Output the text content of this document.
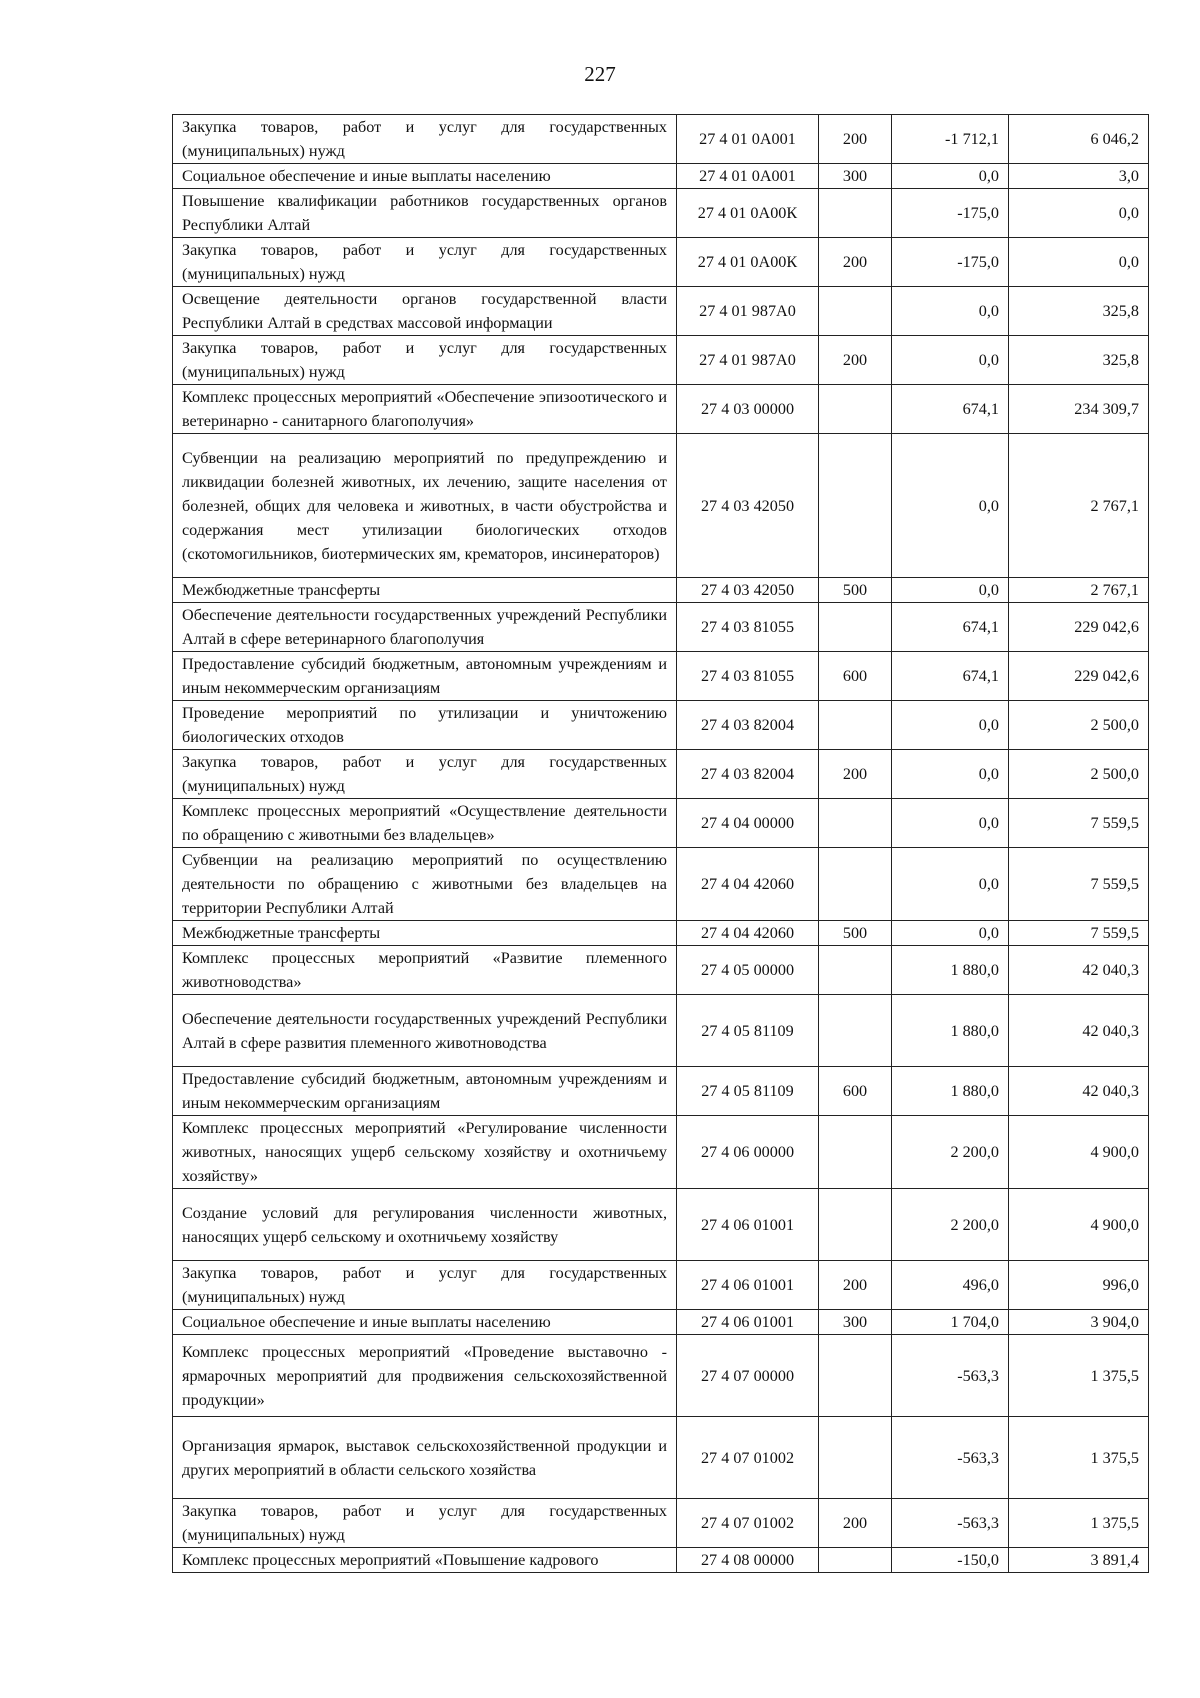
227
Закупка товаров, работ и услуг для государственных (муниципальных) нужд	27 4 01 0А001	200	-1 712,1	6 046,2
Социальное обеспечение и иные выплаты населению	27 4 01 0А001	300	0,0	3,0
Повышение квалификации работников государственных органов Республики Алтай	27 4 01 0А00К		-175,0	0,0
Закупка товаров, работ и услуг для государственных (муниципальных) нужд	27 4 01 0А00К	200	-175,0	0,0
Освещение деятельности органов государственной власти Республики Алтай в средствах массовой информации	27 4 01 987А0		0,0	325,8
Закупка товаров, работ и услуг для государственных (муниципальных) нужд	27 4 01 987А0	200	0,0	325,8
Комплекс процессных мероприятий «Обеспечение эпизоотического и ветеринарно - санитарного благополучия»	27 4 03 00000		674,1	234 309,7
Субвенции на реализацию мероприятий по предупреждению и ликвидации болезней животных, их лечению, защите населения от болезней, общих для человека и животных, в части обустройства и содержания мест утилизации биологических отходов (скотомогильников, биотермических ям, крематоров, инсинераторов)	27 4 03 42050		0,0	2 767,1
Межбюджетные трансферты	27 4 03 42050	500	0,0	2 767,1
Обеспечение деятельности государственных учреждений Республики Алтай в сфере ветеринарного благополучия	27 4 03 81055		674,1	229 042,6
Предоставление субсидий бюджетным, автономным учреждениям и иным некоммерческим организациям	27 4 03 81055	600	674,1	229 042,6
Проведение мероприятий по утилизации и уничтожению биологических отходов	27 4 03 82004		0,0	2 500,0
Закупка товаров, работ и услуг для государственных (муниципальных) нужд	27 4 03 82004	200	0,0	2 500,0
Комплекс процессных мероприятий «Осуществление деятельности по обращению с животными без владельцев»	27 4 04 00000		0,0	7 559,5
Субвенции на реализацию мероприятий по осуществлению деятельности по обращению с животными без владельцев на территории Республики Алтай	27 4 04 42060		0,0	7 559,5
Межбюджетные трансферты	27 4 04 42060	500	0,0	7 559,5
Комплекс процессных мероприятий «Развитие племенного животноводства»	27 4 05 00000		1 880,0	42 040,3
Обеспечение деятельности государственных учреждений Республики Алтай в сфере развития племенного животноводства	27 4 05 81109		1 880,0	42 040,3
Предоставление субсидий бюджетным, автономным учреждениям и иным некоммерческим организациям	27 4 05 81109	600	1 880,0	42 040,3
Комплекс процессных мероприятий «Регулирование численности животных, наносящих ущерб сельскому хозяйству и охотничьему хозяйству»	27 4 06 00000		2 200,0	4 900,0
Создание условий для регулирования численности животных, наносящих ущерб сельскому и охотничьему хозяйству	27 4 06 01001		2 200,0	4 900,0
Закупка товаров, работ и услуг для государственных (муниципальных) нужд	27 4 06 01001	200	496,0	996,0
Социальное обеспечение и иные выплаты населению	27 4 06 01001	300	1 704,0	3 904,0
Комплекс процессных мероприятий «Проведение выставочно - ярмарочных мероприятий для продвижения сельскохозяйственной продукции»	27 4 07 00000		-563,3	1 375,5
Организация ярмарок, выставок сельскохозяйственной продукции и других мероприятий в области сельского хозяйства	27 4 07 01002		-563,3	1 375,5
Закупка товаров, работ и услуг для государственных (муниципальных) нужд	27 4 07 01002	200	-563,3	1 375,5
Комплекс процессных мероприятий «Повышение кадрового	27 4 08 00000		-150,0	3 891,4
